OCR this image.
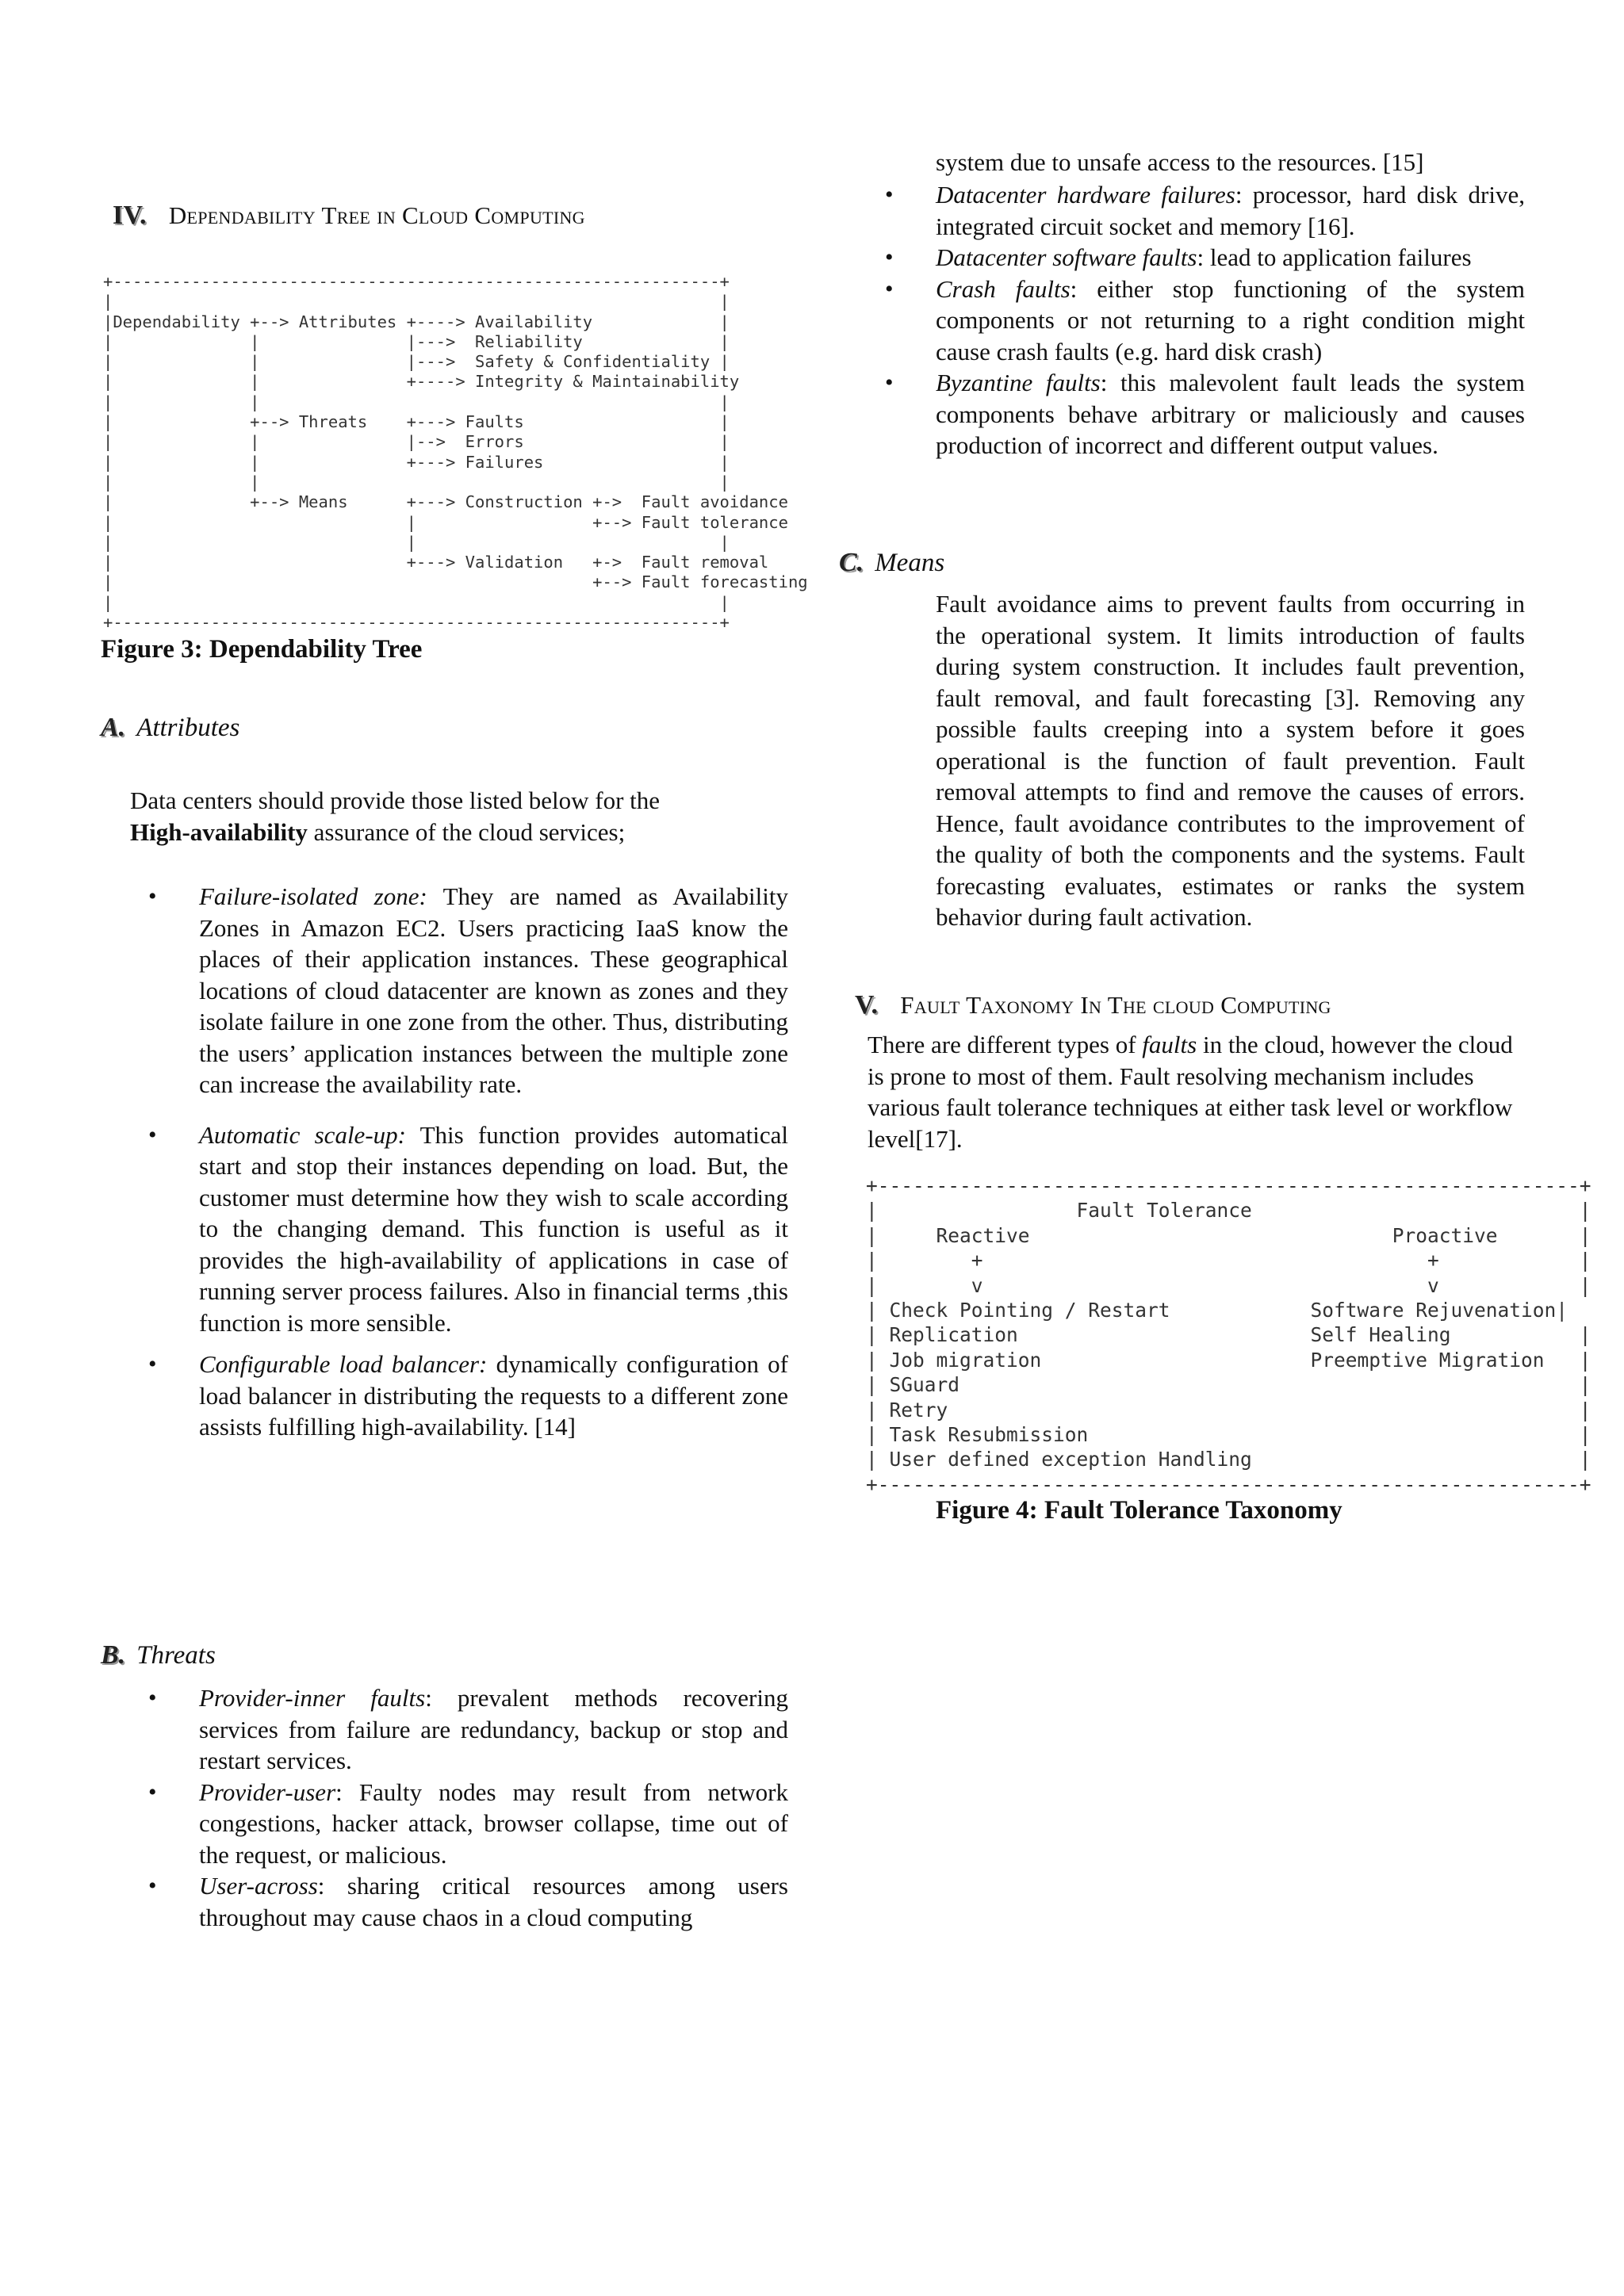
IV. Dependability Tree in Cloud Computing
+--------------------------------------------------------------+
|                                                              |
|Dependability +--> Attributes +----> Availability             |
|              |               |--->  Reliability              |
|              |               |--->  Safety & Confidentiality |
|              |               +----> Integrity & Maintainability
|              |                                               |
|              +--> Threats    +---> Faults                    |
|              |               |-->  Errors                    |
|              |               +---> Failures                  |
|              |                                               |
|              +--> Means      +---> Construction +->  Fault avoidance
|                              |                  +--> Fault tolerance
|                              |                               |
|                              +---> Validation   +->  Fault removal
|                                                 +--> Fault forecasting
|                                                              |
+--------------------------------------------------------------+
Figure 3: Dependability Tree
A. Attributes
Data centers should provide those listed below for the
High-availability assurance of the cloud services;
• Failure-isolated zone: They are named as Availability Zones in Amazon EC2. Users practicing IaaS know the places of their application instances. These geographical locations of cloud datacenter are known as zones and they isolate failure in one zone from the other. Thus, distributing the users’ application instances between the multiple zone can increase the availability rate.
• Automatic scale-up: This function provides automatical start and stop their instances depending on load. But, the customer must determine how they wish to scale according to the changing demand. This function is useful as it provides the high-availability of applications in case of running server process failures. Also in financial terms ,this function is more sensible.
• Configurable load balancer: dynamically configuration of load balancer in distributing the requests to a different zone assists fulfilling high-availability. [14]
B. Threats
• Provider-inner faults: prevalent methods recovering services from failure are redundancy, backup or stop and restart services.
• Provider-user: Faulty nodes may result from network congestions, hacker attack, browser collapse, time out of the request, or malicious.
• User-across: sharing critical resources among users throughout may cause chaos in a cloud computing
system due to unsafe access to the resources. [15]
• Datacenter hardware failures: processor, hard disk drive, integrated circuit socket and memory [16].
• Datacenter software faults: lead to application failures
• Crash faults: either stop functioning of the system components or not returning to a right condition might cause crash faults (e.g. hard disk crash)
• Byzantine faults: this malevolent fault leads the system components behave arbitrary or maliciously and causes production of incorrect and different output values.
C. Means
Fault avoidance aims to prevent faults from occurring in the operational system. It limits introduction of faults during system construction. It includes fault prevention, fault removal, and fault forecasting [3]. Removing any possible faults creeping into a system before it goes operational is the function of fault prevention. Fault removal attempts to find and remove the causes of errors. Hence, fault avoidance contributes to the improvement of the quality of both the components and the systems. Fault forecasting evaluates, estimates or ranks the system behavior during fault activation.
V. Fault Taxonomy In The cloud Computing
There are different types of faults in the cloud, however the cloud is prone to most of them. Fault resolving mechanism includes various fault tolerance techniques at either task level or workflow level[17].
+------------------------------------------------------------+
|                 Fault Tolerance                            |
|     Reactive                               Proactive       |
|        +                                      +            |
|        v                                      v            |
| Check Pointing / Restart            Software Rejuvenation|
| Replication                         Self Healing           |
| Job migration                       Preemptive Migration   |
| SGuard                                                     |
| Retry                                                      |
| Task Resubmission                                          |
| User defined exception Handling                            |
+------------------------------------------------------------+
Figure 4: Fault Tolerance Taxonomy
